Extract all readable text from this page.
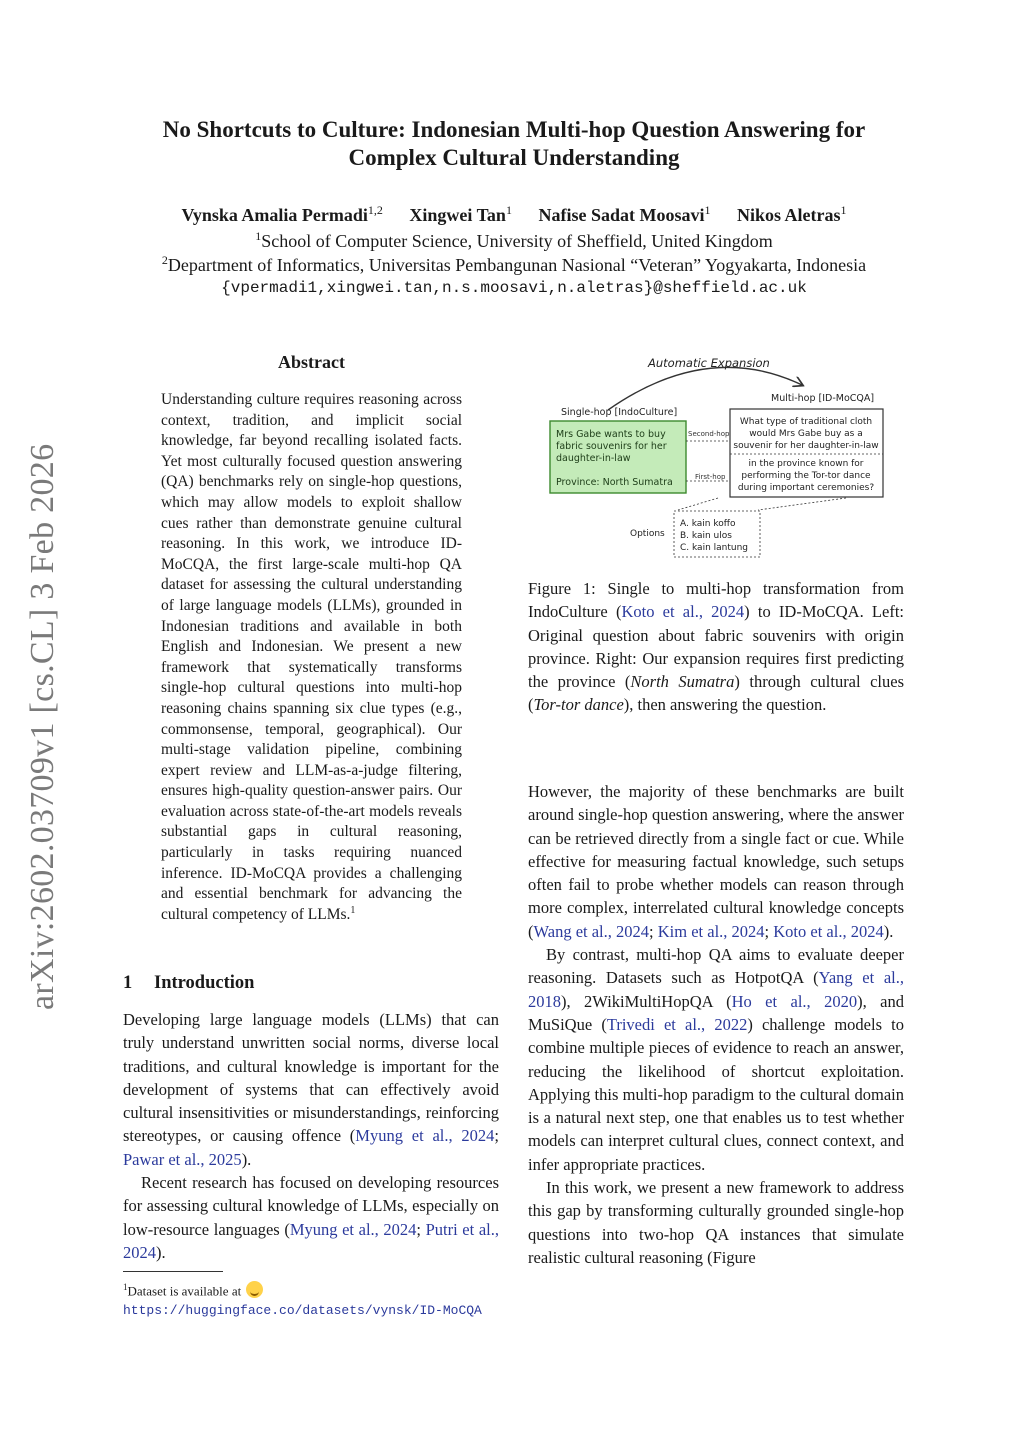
arXiv:2602.03709v1 [cs.CL] 3 Feb 2026
No Shortcuts to Culture: Indonesian Multi-hop Question Answering for
Complex Cultural Understanding
Vynska Amalia Permadi$^{1,2}$ Xingwei Tan$^1$ Nafise Sadat Moosavi$^1$ Nikos Aletras$^1$
$^1$School of Computer Science, University of Sheffield, United Kingdom
$^2$Department of Informatics, Universitas Pembangunan Nasional “Veteran” Yogyakarta, Indonesia
{vpermadi1,xingwei.tan,n.s.moosavi,n.aletras}@sheffield.ac.uk
Abstract
Understanding culture requires reasoning across context, tradition, and implicit social knowledge, far beyond recalling isolated facts. Yet most culturally focused question answering (QA) benchmarks rely on single-hop questions, which may allow models to exploit shallow cues rather than demonstrate genuine cultural reasoning. In this work, we introduce ID-MoCQA, the first large-scale multi-hop QA dataset for assessing the cultural understanding of large language models (LLMs), grounded in Indonesian traditions and available in both English and Indonesian. We present a new framework that systematically transforms single-hop cultural questions into multi-hop reasoning chains spanning six clue types (e.g., commonsense, temporal, geographical). Our multi-stage validation pipeline, combining expert review and LLM-as-a-judge filtering, ensures high-quality question-answer pairs. Our evaluation across state-of-the-art models reveals substantial gaps in cultural reasoning, particularly in tasks requiring nuanced inference. ID-MoCQA provides a challenging and essential benchmark for advancing the cultural competency of LLMs.$^1$
1 Introduction

Developing large language models (LLMs) that can truly understand unwritten social norms, diverse local traditions, and cultural knowledge is important for the development of systems that can effectively avoid cultural insensitivities or misunderstandings, reinforcing stereotypes, or causing offence (Myung et al., 2024; Pawar et al., 2025).

Recent research has focused on developing resources for assessing cultural knowledge of LLMs, especially on low-resource languages (Myung et al., 2024; Putri et al., 2024).

$^1$Dataset is available at  https://huggingface.co/datasets/vynsk/ID-MoCQA
Automatic Expansion
Single-hop [IndoCulture]
Multi-hop [ID-MoCQA]
Mrs Gabe wants to buy
fabric souvenirs for her
daughter-in-law
Province: North Sumatra
Second-hop
First-hop
What type of traditional cloth
would Mrs Gabe buy as a
souvenir for her daughter-in-law
in the province known for
performing the Tor-tor dance
during important ceremonies?
Options
A. kain koffo
B. kain ulos
C. kain lantung
Figure 1: Single to multi-hop transformation from IndoCulture (Koto et al., 2024) to ID-MoCQA. Left: Original question about fabric souvenirs with origin province. Right: Our expansion requires first predicting the province (North Sumatra) through cultural clues (Tor-tor dance), then answering the question.

However, the majority of these benchmarks are built around single-hop question answering, where the answer can be retrieved directly from a single fact or cue. While effective for measuring factual knowledge, such setups often fail to probe whether models can reason through more complex, interrelated cultural knowledge concepts (Wang et al., 2024; Kim et al., 2024; Koto et al., 2024).

By contrast, multi-hop QA aims to evaluate deeper reasoning. Datasets such as HotpotQA (Yang et al., 2018), 2WikiMultiHopQA (Ho et al., 2020), and MuSiQue (Trivedi et al., 2022) challenge models to combine multiple pieces of evidence to reach an answer, reducing the likelihood of shortcut exploitation. Applying this multi-hop paradigm to the cultural domain is a natural next step, one that enables us to test whether models can interpret cultural clues, connect context, and infer appropriate practices.

In this work, we present a new framework to address this gap by transforming culturally grounded single-hop questions into two-hop QA instances that simulate realistic cultural reasoning (Figure
